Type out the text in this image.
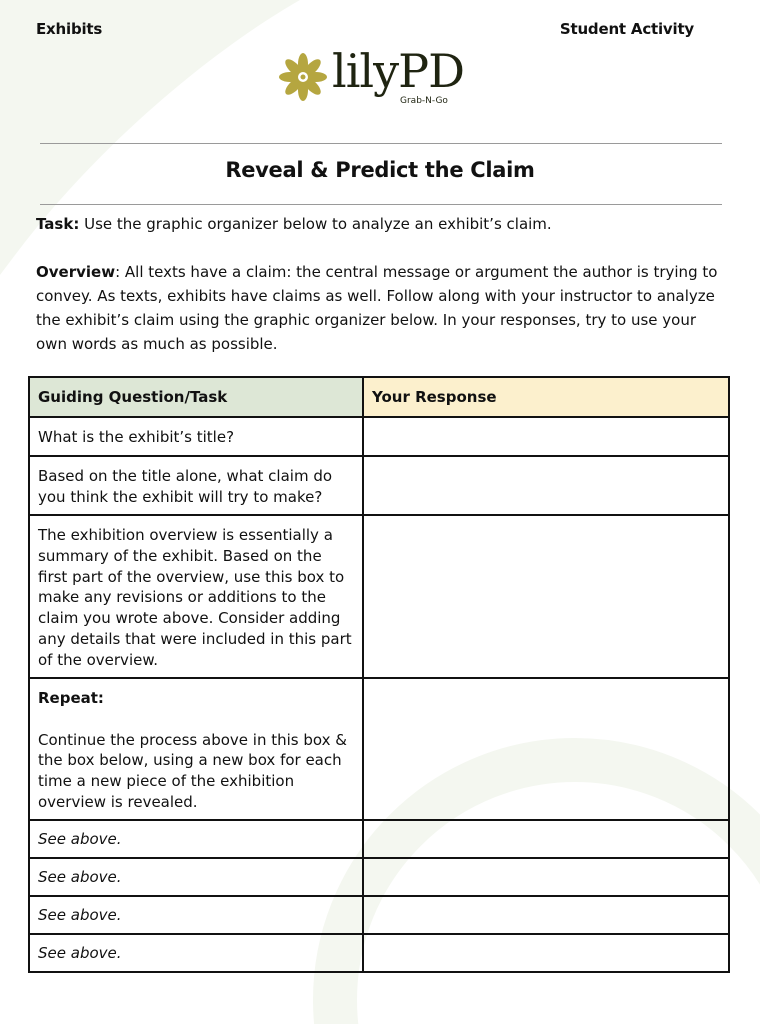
Exhibits	Student Activity
lilyPD
Grab-N-Go
Reveal & Predict the Claim
Task: Use the graphic organizer below to analyze an exhibit’s claim.
Overview: All texts have a claim: the central message or argument the author is trying to convey. As texts, exhibits have claims as well. Follow along with your instructor to analyze the exhibit’s claim using the graphic organizer below. In your responses, try to use your own words as much as possible.
Guiding Question/Task	Your Response

What is the exhibit’s title?	

Based on the title alone, what claim do you think the exhibit will try to make?	

The exhibition overview is essentially a summary of the exhibit. Based on the first part of the overview, use this box to make any revisions or additions to the claim you wrote above. Consider adding any details that were included in this part of the overview.	

Repeat:
Continue the process above in this box & the box below, using a new box for each time a new piece of the exhibition overview is revealed.	

See above.	
See above.	
See above.	
See above.	
